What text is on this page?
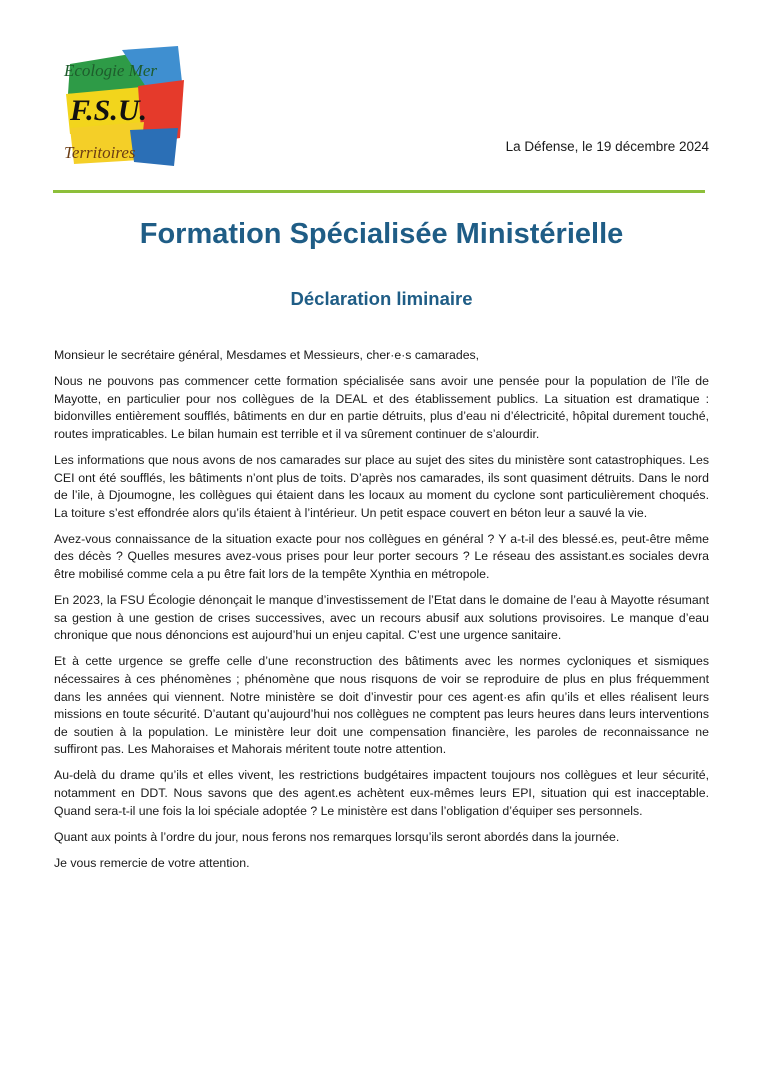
Ecologie Mer
F.S.U.
Territoires	La Défense, le 19 décembre 2024
Formation Spécialisée Ministérielle
Déclaration liminaire

Monsieur le secrétaire général, Mesdames et Messieurs, cher·e·s camarades,

Nous ne pouvons pas commencer cette formation spécialisée sans avoir une pensée pour la population de l’île de Mayotte, en particulier pour nos collègues de la DEAL et des établissement publics. La situation est dramatique : bidonvilles entièrement soufflés, bâtiments en dur en partie détruits, plus d’eau ni d’électricité, hôpital durement touché, routes impraticables. Le bilan humain est terrible et il va sûrement continuer de s’alourdir.

Les informations que nous avons de nos camarades sur place au sujet des sites du ministère sont catastrophiques. Les CEI ont été soufflés, les bâtiments n’ont plus de toits. D’après nos camarades, ils sont quasiment détruits. Dans le nord de l’ile, à Djoumogne, les collègues qui étaient dans les locaux au moment du cyclone sont particulièrement choqués. La toiture s’est effondrée alors qu’ils étaient à l’intérieur. Un petit espace couvert en béton leur a sauvé la vie.

Avez-vous connaissance de la situation exacte pour nos collègues en général ? Y a-t-il des blessé.es, peut-être même des décès ? Quelles mesures avez-vous prises pour leur porter secours ? Le réseau des assistant.es sociales devra être mobilisé comme cela a pu être fait lors de la tempête Xynthia en métropole.

En 2023, la FSU Écologie dénonçait le manque d’investissement de l’Etat dans le domaine de l’eau à Mayotte résumant sa gestion à une gestion de crises successives, avec un recours abusif aux solutions provisoires. Le manque d’eau chronique que nous dénoncions est aujourd’hui un enjeu capital. C’est une urgence sanitaire.

Et à cette urgence se greffe celle d’une reconstruction des bâtiments avec les normes cycloniques et sismiques nécessaires à ces phénomènes ; phénomène que nous risquons de voir se reproduire de plus en plus fréquemment dans les années qui viennent. Notre ministère se doit d’investir pour ces agent·es afin qu’ils et elles réalisent leurs missions en toute sécurité. D’autant qu’aujourd’hui nos collègues ne comptent pas leurs heures dans leurs interventions de soutien à la population. Le ministère leur doit une compensation financière, les paroles de reconnaissance ne suffiront pas. Les Mahoraises et Mahorais méritent toute notre attention.

Au-delà du drame qu’ils et elles vivent, les restrictions budgétaires impactent toujours nos collègues et leur sécurité, notamment en DDT. Nous savons que des agent.es achètent eux-mêmes leurs EPI, situation qui est inacceptable. Quand sera-t-il une fois la loi spéciale adoptée ? Le ministère est dans l’obligation d’équiper ses personnels.

Quant aux points à l’ordre du jour, nous ferons nos remarques lorsqu’ils seront abordés dans la journée.

Je vous remercie de votre attention.
